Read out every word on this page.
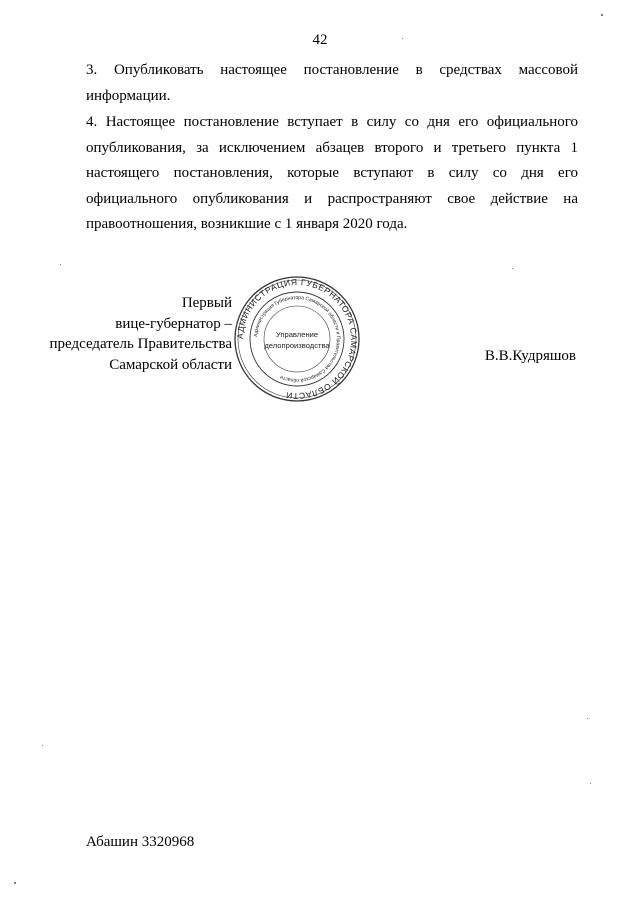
42
3. Опубликовать настоящее постановление в средствах массовой информации.
4. Настоящее постановление вступает в силу со дня его официального опубликования, за исключением абзацев второго и третьего пункта 1 настоящего постановления, которые вступают в силу со дня его официального опубликования и распространяют свое действие на правоотношения, возникшие с 1 января 2020 года.
Первый
вице-губернатор –
председатель Правительства
Самарской области
АДМИНИСТРАЦИЯ ГУБЕРНАТОРА САМАРСКОЙ ОБЛАСТИ
Администрация Губернатора Самарской области и Правительства Самарской области
Управление
делопроизводства
В.В.Кудряшов
Абашин 3320968
